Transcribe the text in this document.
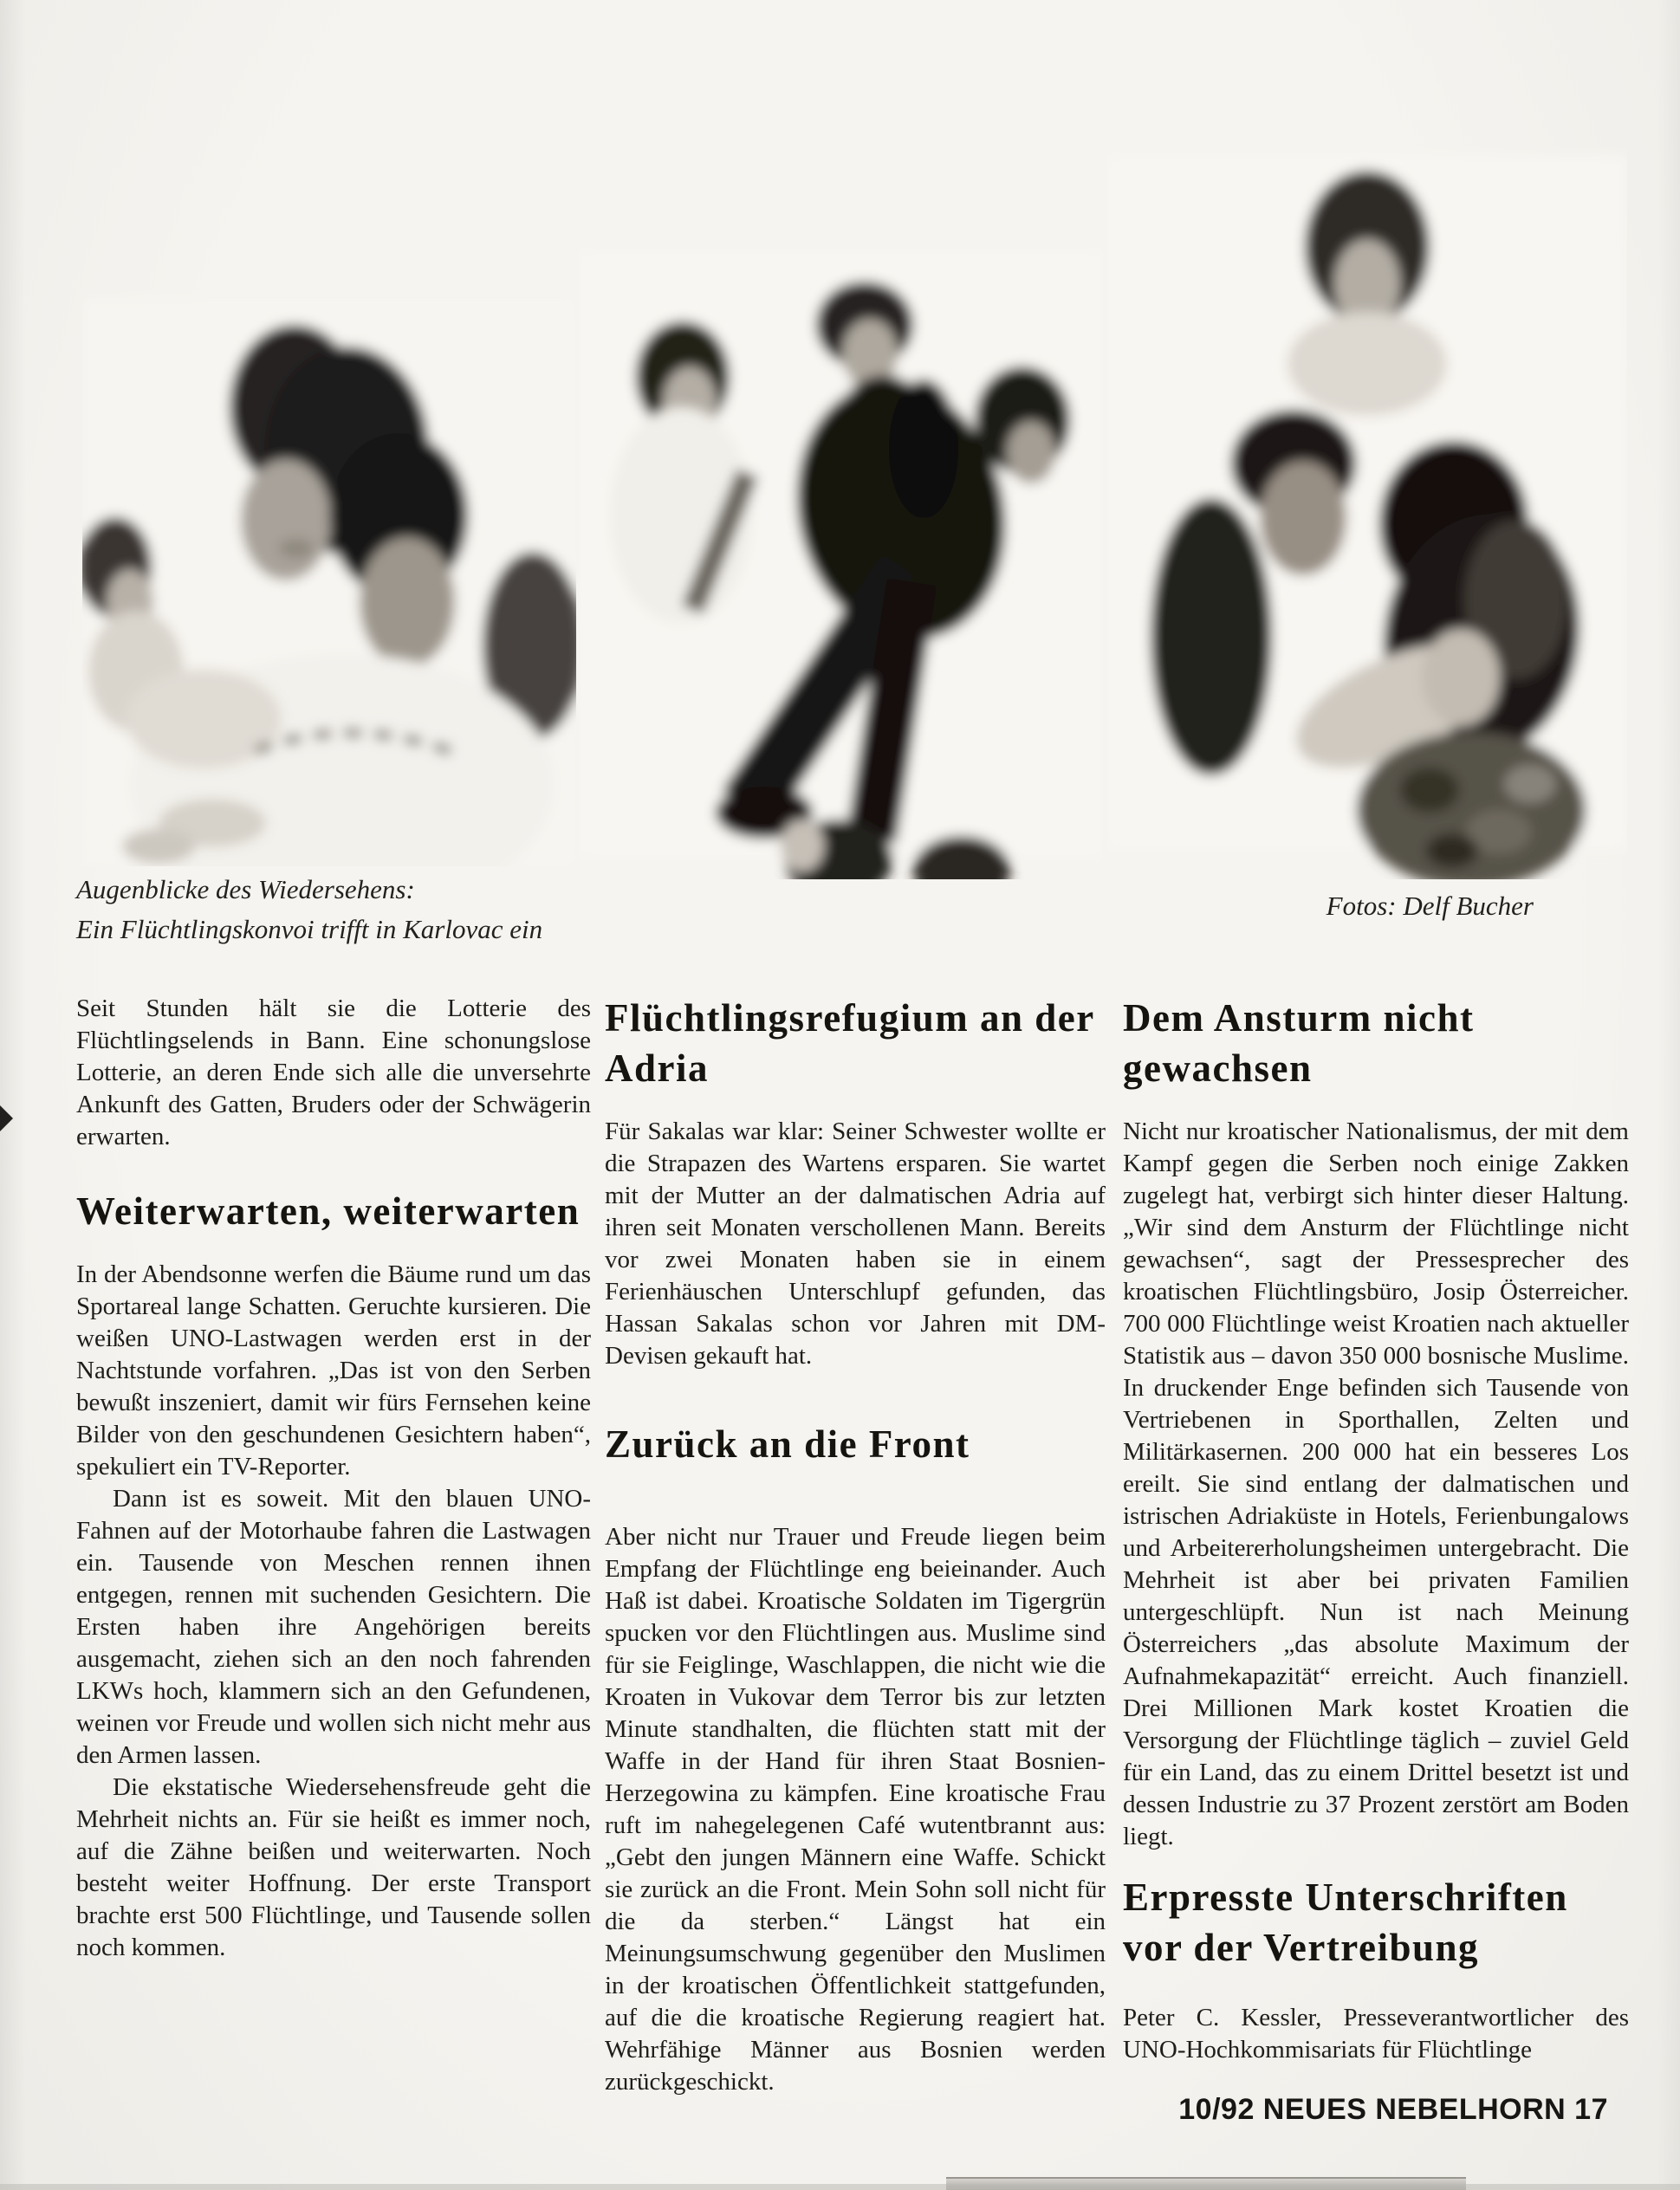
Augenblicke des Wiedersehens:
Ein Flüchtlingskonvoi trifft in Karlovac ein
Fotos: Delf Bucher

Seit Stunden hält sie die Lotterie des Flüchtlingselends in Bann. Eine schonungslose Lotterie, an deren Ende sich alle die unversehrte Ankunft des Gatten, Bruders oder der Schwägerin erwarten.

Weiterwarten, weiterwarten

In der Abendsonne werfen die Bäume rund um das Sportareal lange Schatten. Geruchte kursieren. Die weißen UNO-Lastwagen werden erst in der Nachtstunde vorfahren. „Das ist von den Serben bewußt inszeniert, damit wir fürs Fernsehen keine Bilder von den geschundenen Gesichtern haben“, spekuliert ein TV-Reporter.

Dann ist es soweit. Mit den blauen UNO-Fahnen auf der Motorhaube fahren die Lastwagen ein. Tausende von Meschen rennen ihnen entgegen, rennen mit suchenden Gesichtern. Die Ersten haben ihre Angehörigen bereits ausgemacht, ziehen sich an den noch fahrenden LKWs hoch, klammern sich an den Gefundenen, weinen vor Freude und wollen sich nicht mehr aus den Armen lassen.

Die ekstatische Wiedersehensfreude geht die Mehrheit nichts an. Für sie heißt es immer noch, auf die Zähne beißen und weiterwarten. Noch besteht weiter Hoffnung. Der erste Transport brachte erst 500 Flüchtlinge, und Tausende sollen noch kommen.

Flüchtlingsrefugium an der Adria

Für Sakalas war klar: Seiner Schwester wollte er die Strapazen des Wartens ersparen. Sie wartet mit der Mutter an der dalmatischen Adria auf ihren seit Monaten verschollenen Mann. Bereits vor zwei Monaten haben sie in einem Ferienhäuschen Unterschlupf gefunden, das Hassan Sakalas schon vor Jahren mit DM-Devisen gekauft hat.

Zurück an die Front

Aber nicht nur Trauer und Freude liegen beim Empfang der Flüchtlinge eng beieinander. Auch Haß ist dabei. Kroatische Soldaten im Tigergrün spucken vor den Flüchtlingen aus. Muslime sind für sie Feiglinge, Waschlappen, die nicht wie die Kroaten in Vukovar dem Terror bis zur letzten Minute standhalten, die flüchten statt mit der Waffe in der Hand für ihren Staat Bosnien-Herzegowina zu kämpfen. Eine kroatische Frau ruft im nahegelegenen Café wutentbrannt aus: „Gebt den jungen Männern eine Waffe. Schickt sie zurück an die Front. Mein Sohn soll nicht für die da sterben.“ Längst hat ein Meinungsumschwung gegenüber den Muslimen in der kroatischen Öffentlichkeit stattgefunden, auf die die kroatische Regierung reagiert hat. Wehrfähige Männer aus Bosnien werden zurückgeschickt.

Dem Ansturm nicht gewachsen

Nicht nur kroatischer Nationalismus, der mit dem Kampf gegen die Serben noch einige Zakken zugelegt hat, verbirgt sich hinter dieser Haltung. „Wir sind dem Ansturm der Flüchtlinge nicht gewachsen“, sagt der Pressesprecher des kroatischen Flüchtlingsbüro, Josip Österreicher. 700 000 Flüchtlinge weist Kroatien nach aktueller Statistik aus – davon 350 000 bosnische Muslime. In druckender Enge befinden sich Tausende von Vertriebenen in Sporthallen, Zelten und Militärkasernen. 200 000 hat ein besseres Los ereilt. Sie sind entlang der dalmatischen und istrischen Adriaküste in Hotels, Ferienbungalows und Arbeitererholungsheimen untergebracht. Die Mehrheit ist aber bei privaten Familien untergeschlüpft. Nun ist nach Meinung Österreichers „das absolute Maximum der Aufnahmekapazität“ erreicht. Auch finanziell. Drei Millionen Mark kostet Kroatien die Versorgung der Flüchtlinge täglich – zuviel Geld für ein Land, das zu einem Drittel besetzt ist und dessen Industrie zu 37 Prozent zerstört am Boden liegt.

Erpresste Unterschriften vor der Vertreibung

Peter C. Kessler, Presseverantwortlicher des UNO-Hochkommisariats für Flüchtlinge

10/92 NEUES NEBELHORN 17
